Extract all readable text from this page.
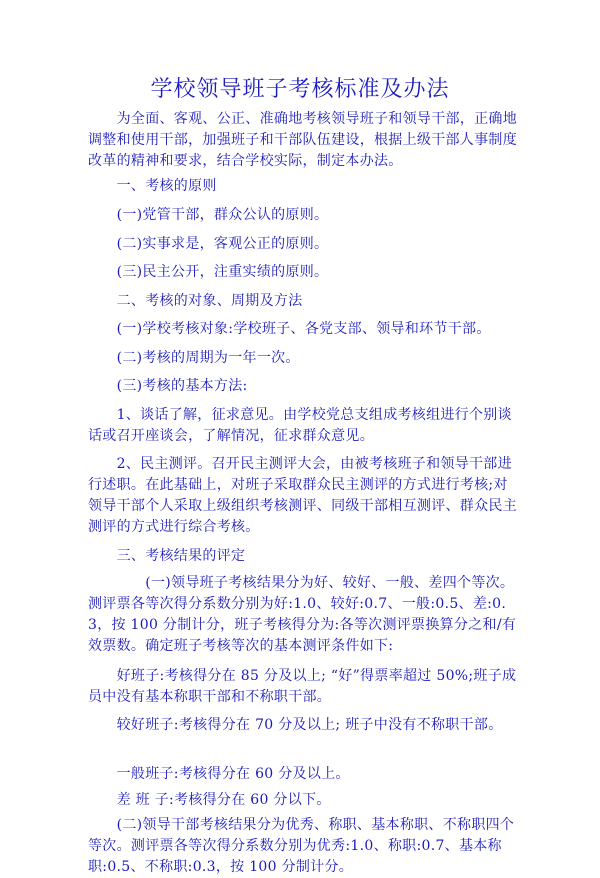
学校领导班子考核标准及办法

　　为全面、客观、公正、准确地考核领导班子和领导干部，正确地调整和使用干部，加强班子和干部队伍建设，根据上级干部人事制度改革的精神和要求，结合学校实际，制定本办法。

　　一、考核的原则

　　(一)党管干部，群众公认的原则。

　　(二)实事求是，客观公正的原则。

　　(三)民主公开，注重实绩的原则。

　　二、考核的对象、周期及方法

　　(一)学校考核对象:学校班子、各党支部、领导和环节干部。

　　(二)考核的周期为一年一次。

　　(三)考核的基本方法:

　　1、谈话了解，征求意见。由学校党总支组成考核组进行个别谈话或召开座谈会，了解情况，征求群众意见。

　　2、民主测评。召开民主测评大会，由被考核班子和领导干部进行述职。在此基础上，对班子采取群众民主测评的方式进行考核;对领导干部个人采取上级组织考核测评、同级干部相互测评、群众民主测评的方式进行综合考核。

　　三、考核结果的评定

　　　　(一)领导班子考核结果分为好、较好、一般、差四个等次。测评票各等次得分系数分别为好:1.0、较好:0.7、一般:0.5、差:0.3，按 100 分制计分，班子考核得分为:各等次测评票换算分之和/有效票数。确定班子考核等次的基本测评条件如下:

　　好班子:考核得分在 85 分及以上; “好”得票率超过 50%;班子成员中没有基本称职干部和不称职干部。

　　较好班子:考核得分在 70 分及以上; 班子中没有不称职干部。

　　一般班子:考核得分在 60 分及以上。

　　差 班 子:考核得分在 60 分以下。

　　(二)领导干部考核结果分为优秀、称职、基本称职、不称职四个等次。测评票各等次得分系数分别为优秀:1.0、称职:0.7、基本称职:0.5、不称职:0.3，按 100 分制计分。
